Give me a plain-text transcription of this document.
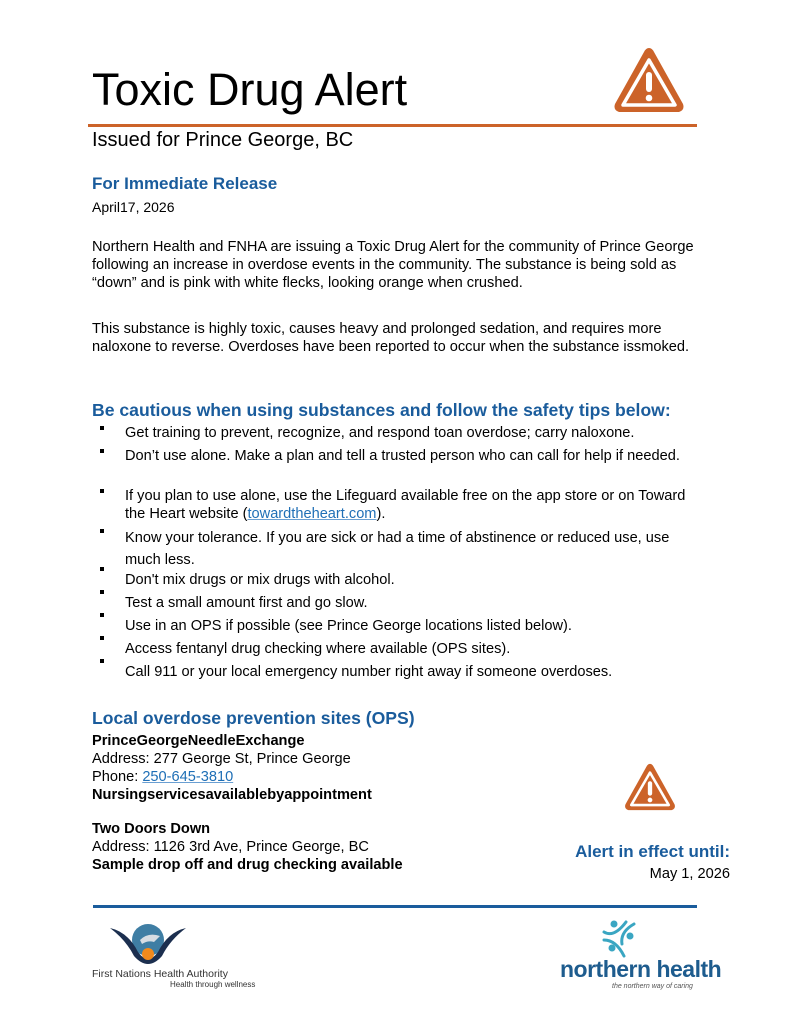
Toxic Drug Alert
Issued for Prince George, BC
For Immediate Release
April17, 2026
Northern Health and FNHA are issuing a Toxic Drug Alert for the community of Prince George following an increase in overdose events in the community. The substance is being sold as “down” and is pink with white flecks, looking orange when crushed.
This substance is highly toxic, causes heavy and prolonged sedation, and requires more naloxone to reverse. Overdoses have been reported to occur when the substance issmoked.
Be cautious when using substances and follow the safety tips below:
Get training to prevent, recognize, and respond toan overdose; carry naloxone.
Don’t use alone. Make a plan and tell a trusted person who can call for help if needed.
If you plan to use alone, use the Lifeguard available free on the app store or on Toward the Heart website (towardtheheart.com).
Know your tolerance. If you are sick or had a time of abstinence or reduced use, use much less.
Don't mix drugs or mix drugs with alcohol.
Test a small amount first and go slow.
Use in an OPS if possible (see Prince George locations listed below).
Access fentanyl drug checking where available (OPS sites).
Call 911 or your local emergency number right away if someone overdoses.
Local overdose prevention sites (OPS)
PrinceGeorgeNeedleExchange
Address: 277 George St, Prince George
Phone: 250-645-3810
Nursingservicesavailablebyappointment
Two Doors Down
Address: 1126 3rd Ave, Prince George, BC
Sample drop off and drug checking available
Alert in effect until:
May 1, 2026
First Nations Health Authority
Health through wellness
northern health
the northern way of caring
